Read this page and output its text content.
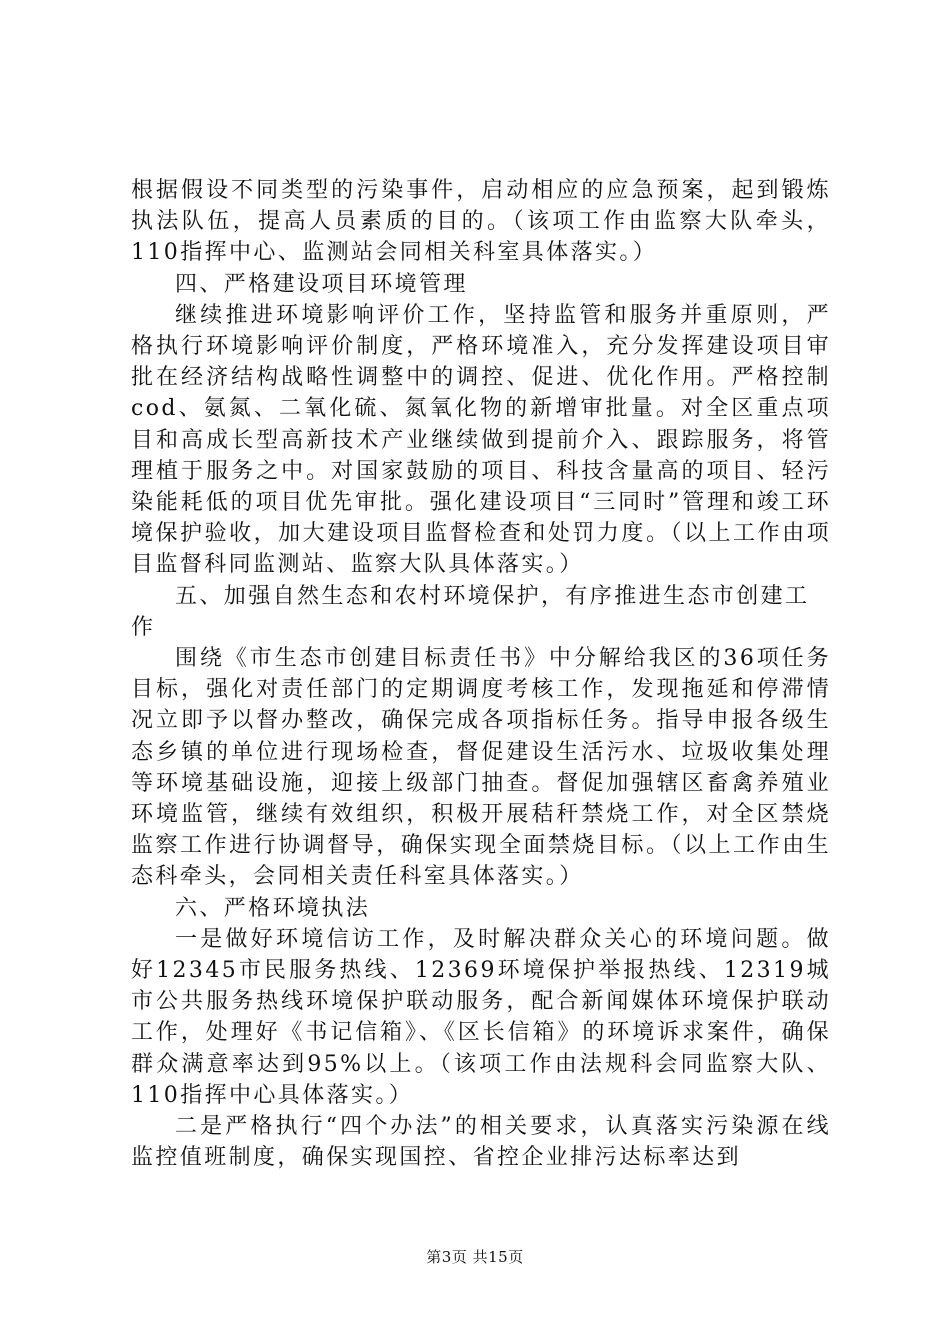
根据假设不同类型的污染事件，启动相应的应急预案，起到锻炼执法队伍，提高人员素质的目的。（该项工作由监察大队牵头，110指挥中心、监测站会同相关科室具体落实。）

四、严格建设项目环境管理

继续推进环境影响评价工作，坚持监管和服务并重原则，严格执行环境影响评价制度，严格环境准入，充分发挥建设项目审批在经济结构战略性调整中的调控、促进、优化作用。严格控制cod、氨氮、二氧化硫、氮氧化物的新增审批量。对全区重点项目和高成长型高新技术产业继续做到提前介入、跟踪服务，将管理植于服务之中。对国家鼓励的项目、科技含量高的项目、轻污染能耗低的项目优先审批。强化建设项目“三同时”管理和竣工环境保护验收，加大建设项目监督检查和处罚力度。（以上工作由项目监督科同监测站、监察大队具体落实。）

五、加强自然生态和农村环境保护，有序推进生态市创建工作

围绕《市生态市创建目标责任书》中分解给我区的36项任务目标，强化对责任部门的定期调度考核工作，发现拖延和停滞情况立即予以督办整改，确保完成各项指标任务。指导申报各级生态乡镇的单位进行现场检查，督促建设生活污水、垃圾收集处理等环境基础设施，迎接上级部门抽查。督促加强辖区畜禽养殖业环境监管，继续有效组织，积极开展秸秆禁烧工作，对全区禁烧监察工作进行协调督导，确保实现全面禁烧目标。（以上工作由生态科牵头，会同相关责任科室具体落实。）

六、严格环境执法

一是做好环境信访工作，及时解决群众关心的环境问题。做好12345市民服务热线、12369环境保护举报热线、12319城市公共服务热线环境保护联动服务，配合新闻媒体环境保护联动工作，处理好《书记信箱》、《区长信箱》的环境诉求案件，确保群众满意率达到95%以上。（该项工作由法规科会同监察大队、110指挥中心具体落实。）

二是严格执行“四个办法”的相关要求，认真落实污染源在线监控值班制度，确保实现国控、省控企业排污达标率达到

第3页 共15页
